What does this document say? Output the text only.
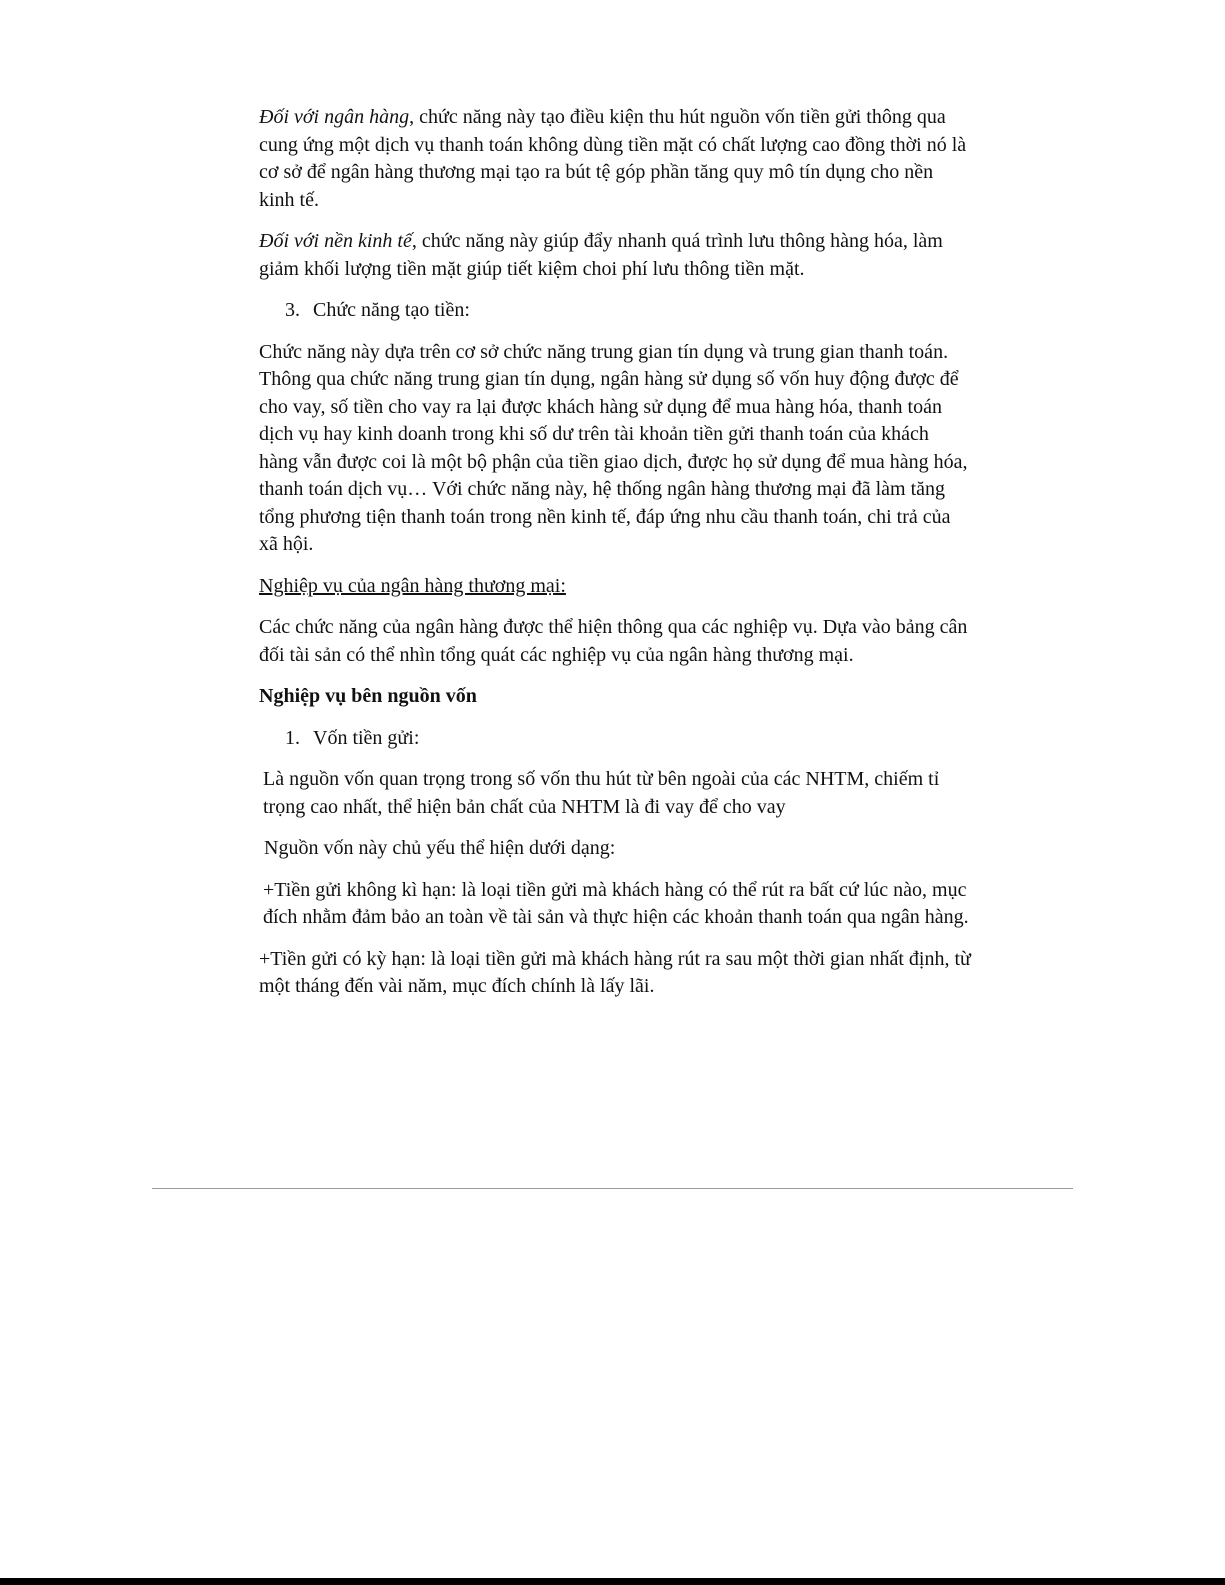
Đối với ngân hàng, chức năng này tạo điều kiện thu hút nguồn vốn tiền gửi thông qua cung ứng một dịch vụ thanh toán không dùng tiền mặt có chất lượng cao đồng thời nó là cơ sở để ngân hàng thương mại tạo ra bút tệ góp phần tăng quy mô tín dụng cho nền kinh tế.

Đối với nền kinh tế, chức năng này giúp đẩy nhanh quá trình lưu thông hàng hóa, làm giảm khối lượng tiền mặt giúp tiết kiệm choi phí lưu thông tiền mặt.

3. Chức năng tạo tiền:

Chức năng này dựa trên cơ sở chức năng trung gian tín dụng và trung gian thanh toán. Thông qua chức năng trung gian tín dụng, ngân hàng sử dụng số vốn huy động được để cho vay, số tiền cho vay ra lại được khách hàng sử dụng để mua hàng hóa, thanh toán dịch vụ hay kinh doanh trong khi số dư trên tài khoản tiền gửi thanh toán của khách hàng vẫn được coi là một bộ phận của tiền giao dịch, được họ sử dụng để mua hàng hóa, thanh toán dịch vụ… Với chức năng này, hệ thống ngân hàng thương mại đã làm tăng tổng phương tiện thanh toán trong nền kinh tế, đáp ứng nhu cầu thanh toán, chi trả của xã hội.

Nghiệp vụ của ngân hàng thương mại:

Các chức năng của ngân hàng được thể hiện thông qua các nghiệp vụ. Dựa vào bảng cân đối tài sản có thể nhìn tổng quát các nghiệp vụ của ngân hàng thương mại.

Nghiệp vụ bên nguồn vốn

1. Vốn tiền gửi:

Là nguồn vốn quan trọng trong số vốn thu hút từ bên ngoài của các NHTM, chiếm tỉ trọng cao nhất, thể hiện bản chất của NHTM là đi vay để cho vay

Nguồn vốn này chủ yếu thể hiện dưới dạng:

+Tiền gửi không kì hạn: là loại tiền gửi mà khách hàng có thể rút ra bất cứ lúc nào, mục đích nhằm đảm bảo an toàn về tài sản và thực hiện các khoản thanh toán qua ngân hàng.

+Tiền gửi có kỳ hạn: là loại tiền gửi mà khách hàng rút ra sau một thời gian nhất định, từ một tháng đến vài năm, mục đích chính là lấy lãi.
